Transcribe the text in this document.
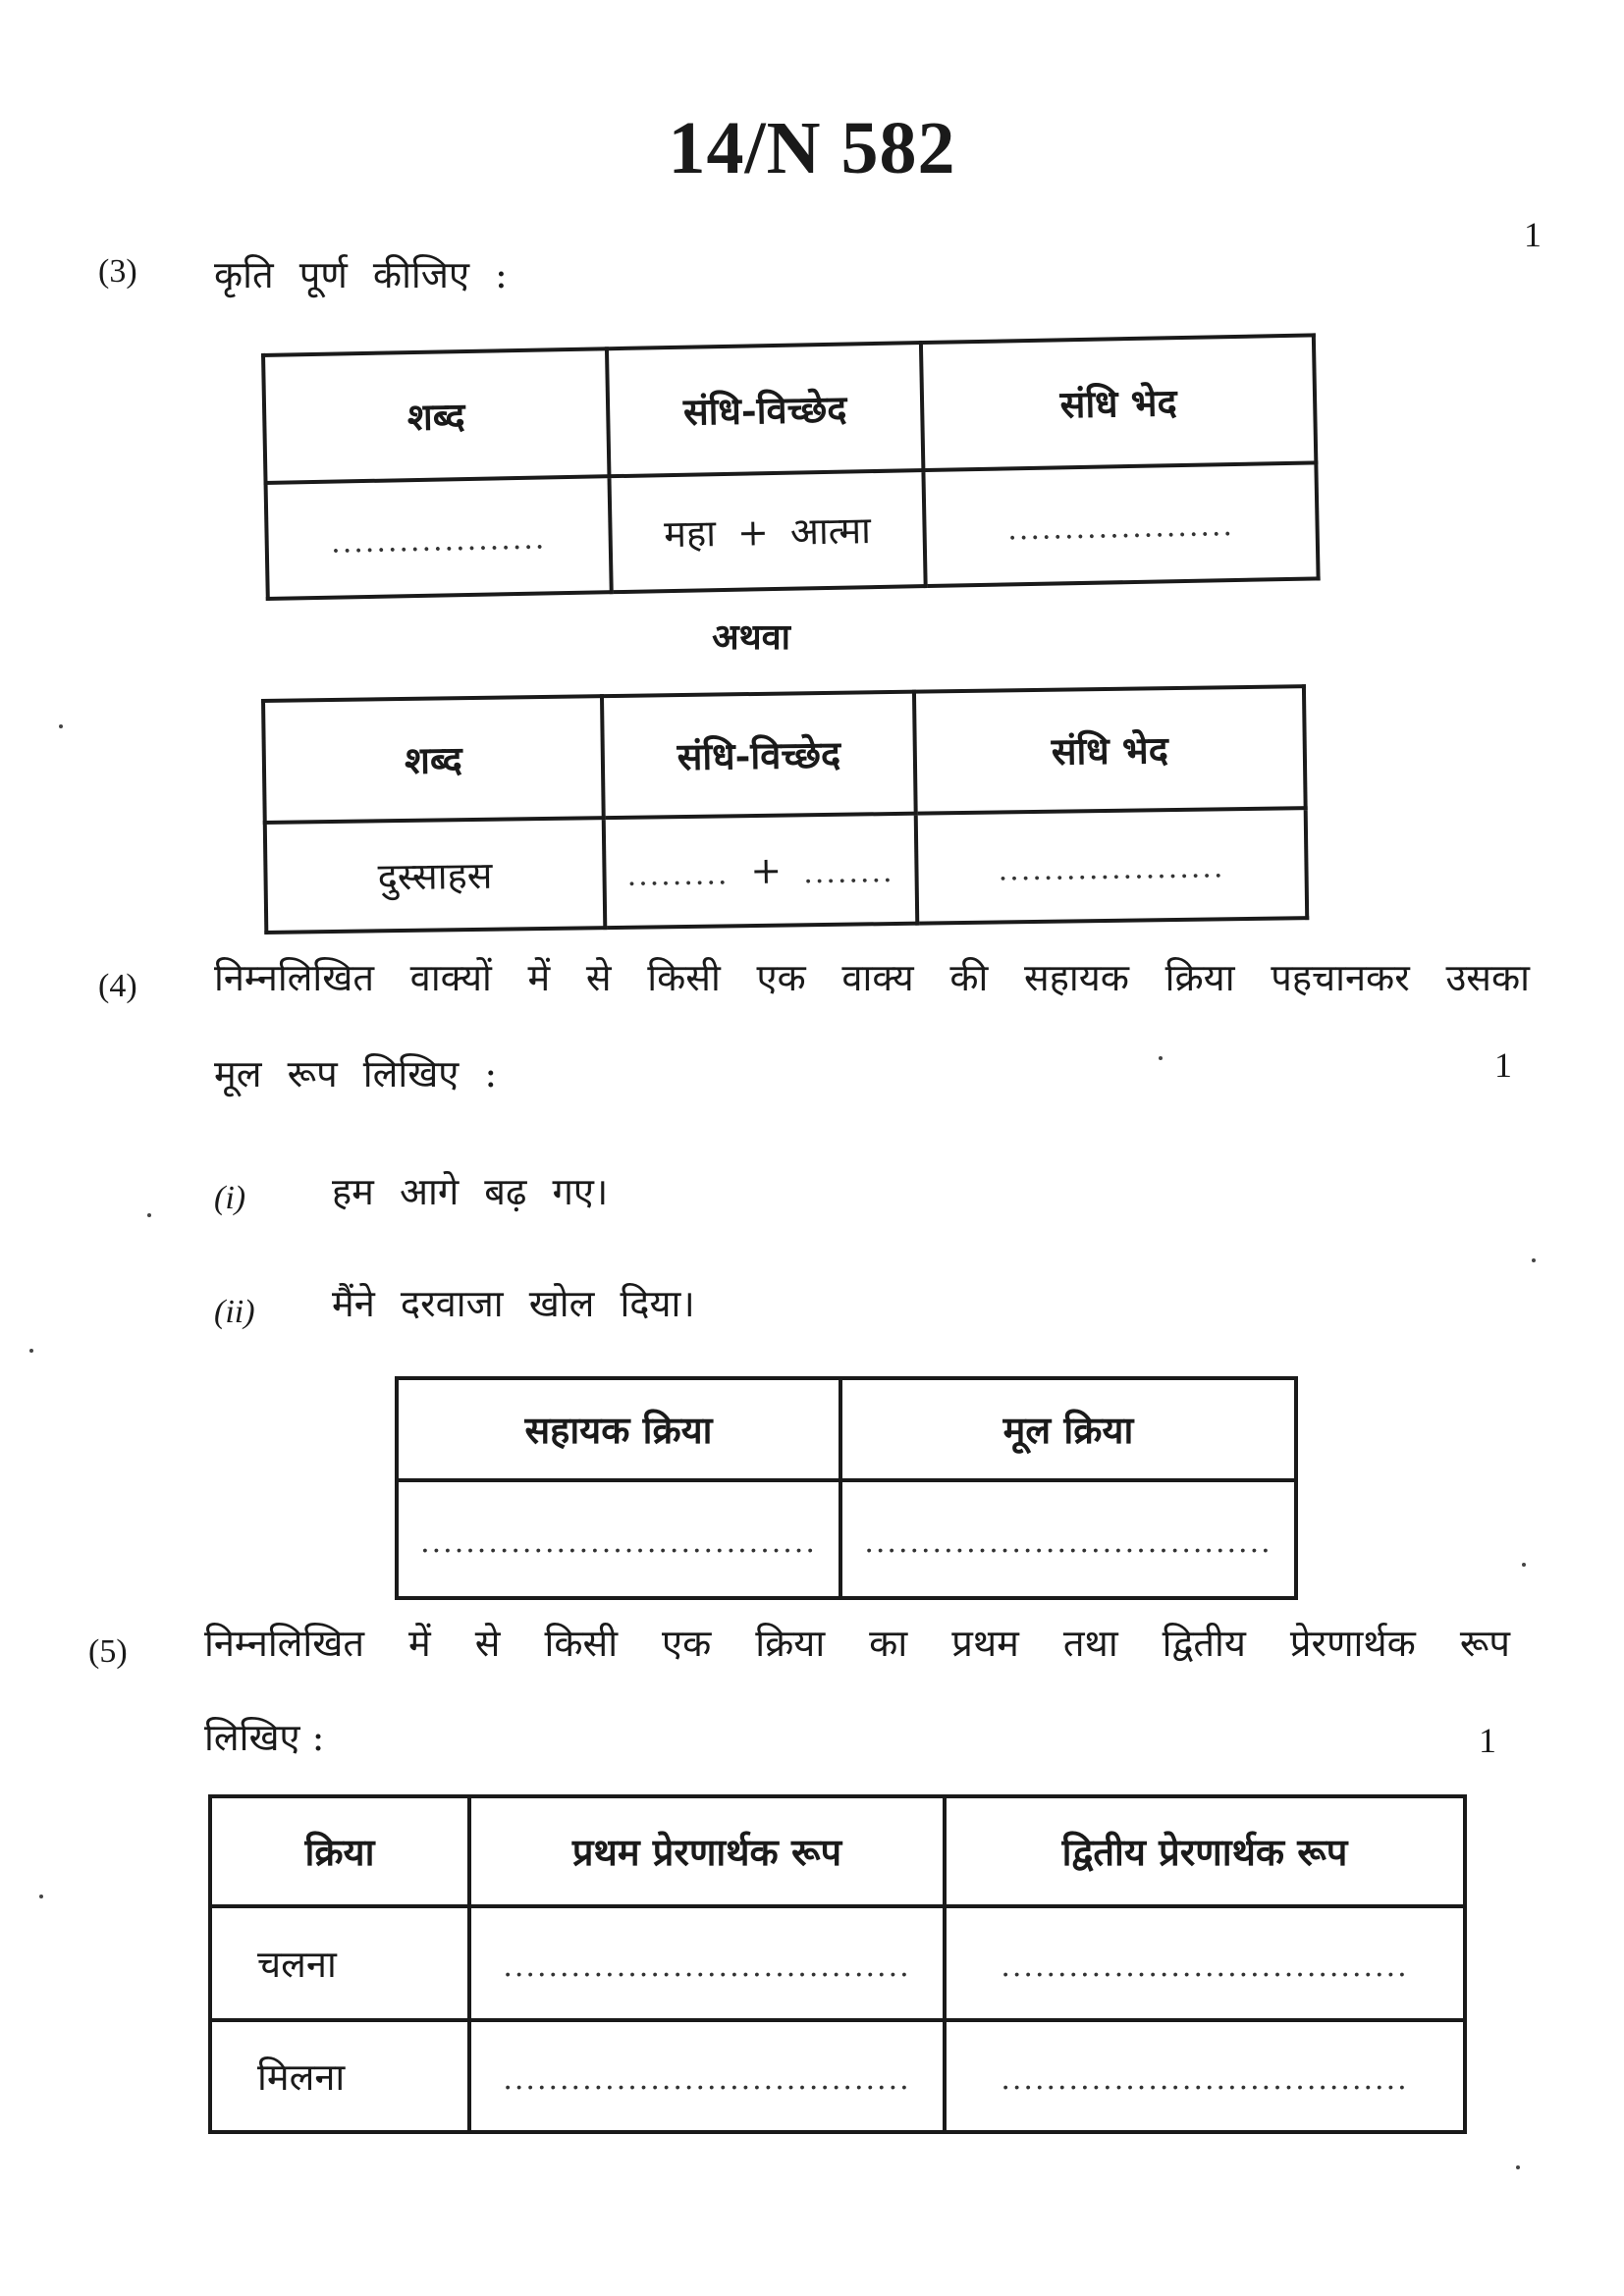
14/N 582
(3) कृति पूर्ण कीजिए :
1
शब्द	संधि-विच्छेद	संधि भेद
...................	महा + आत्मा	....................
अथवा
शब्द	संधि-विच्छेद	संधि भेद
दुस्साहस	......... + ........	....................
(4) निम्नलिखित वाक्यों में से किसी एक वाक्य की सहायक क्रिया पहचानकर उसका
मूल रूप लिखिए :	1
(i) हम आगे बढ़ गए।
(ii) मैंने दरवाजा खोल दिया।
सहायक क्रिया	मूल क्रिया
...................................	....................................
(5) निम्नलिखित में से किसी एक क्रिया का प्रथम तथा द्वितीय प्रेरणार्थक रूप
लिखिए :	1
क्रिया	प्रथम प्रेरणार्थक रूप	द्वितीय प्रेरणार्थक रूप
चलना	....................................	....................................
मिलना	....................................	....................................
